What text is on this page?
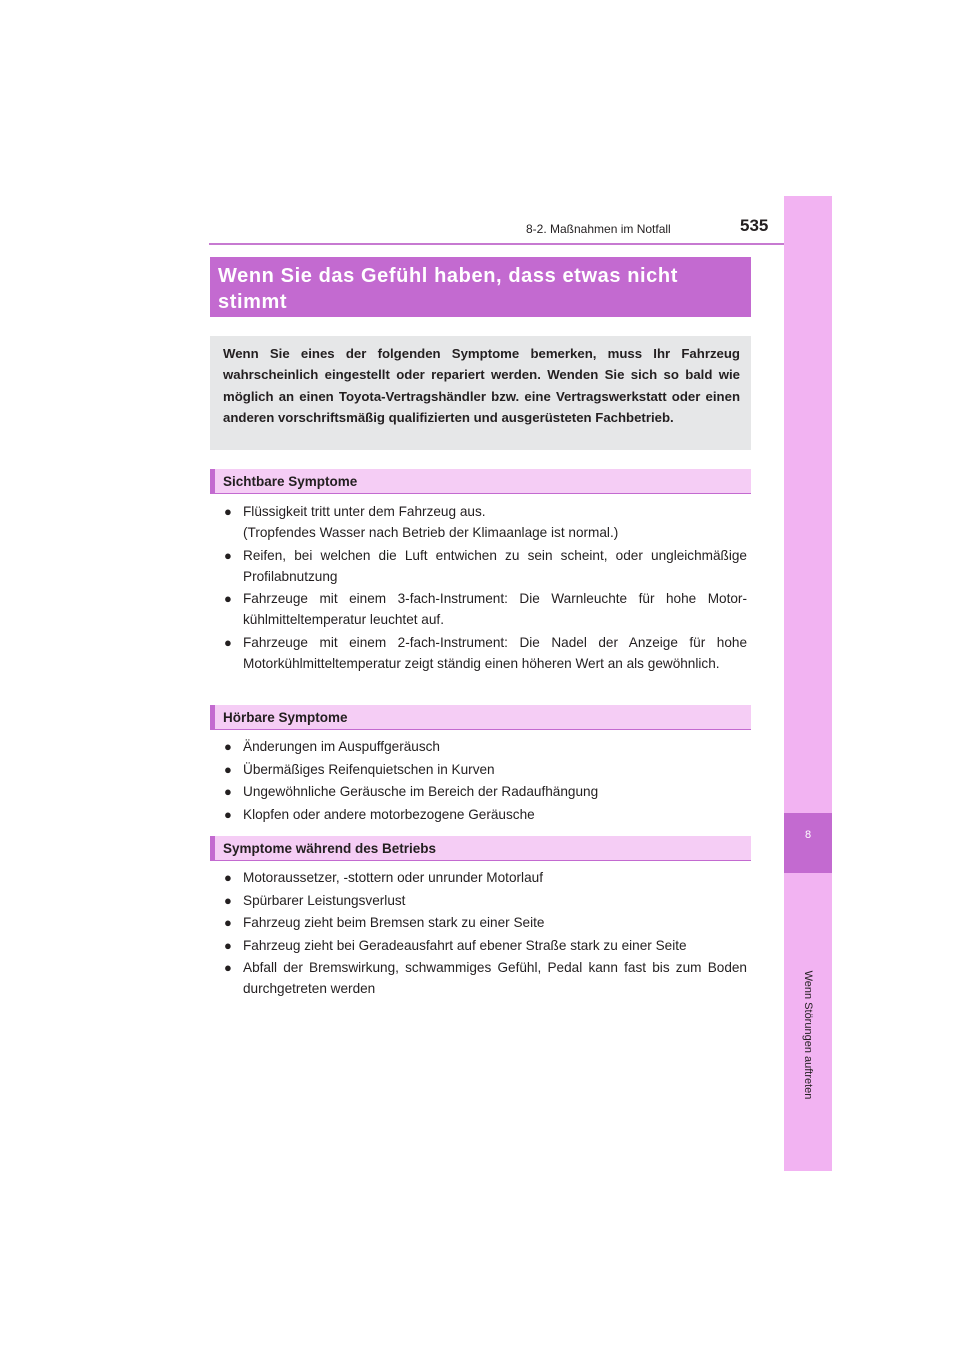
8-2. Maßnahmen im Notfall	535
8
Wenn Störungen auftreten
Wenn Sie das Gefühl haben, dass etwas nicht stimmt

Wenn Sie eines der folgenden Symptome bemerken, muss Ihr Fahrzeug wahrscheinlich eingestellt oder repariert werden. Wenden Sie sich so bald wie möglich an einen Toyota-Vertragshändler bzw. eine Vertragswerkstatt oder einen anderen vorschriftsmäßig qualifizierten und ausgerüsteten Fachbetrieb.

Sichtbare Symptome
● Flüssigkeit tritt unter dem Fahrzeug aus.
(Tropfendes Wasser nach Betrieb der Klimaanlage ist normal.)
● Reifen, bei welchen die Luft entwichen zu sein scheint, oder ungleichmäßige Profilabnutzung
● Fahrzeuge mit einem 3-fach-Instrument: Die Warnleuchte für hohe Motorkühlmitteltemperatur leuchtet auf.
● Fahrzeuge mit einem 2-fach-Instrument: Die Nadel der Anzeige für hohe Motorkühlmitteltemperatur zeigt ständig einen höheren Wert an als gewöhnlich.
Hörbare Symptome
● Änderungen im Auspuffgeräusch
● Übermäßiges Reifenquietschen in Kurven
● Ungewöhnliche Geräusche im Bereich der Radaufhängung
● Klopfen oder andere motorbezogene Geräusche
Symptome während des Betriebs
● Motoraussetzer, -stottern oder unrunder Motorlauf
● Spürbarer Leistungsverlust
● Fahrzeug zieht beim Bremsen stark zu einer Seite
● Fahrzeug zieht bei Geradeausfahrt auf ebener Straße stark zu einer Seite
● Abfall der Bremswirkung, schwammiges Gefühl, Pedal kann fast bis zum Boden durchgetreten werden
